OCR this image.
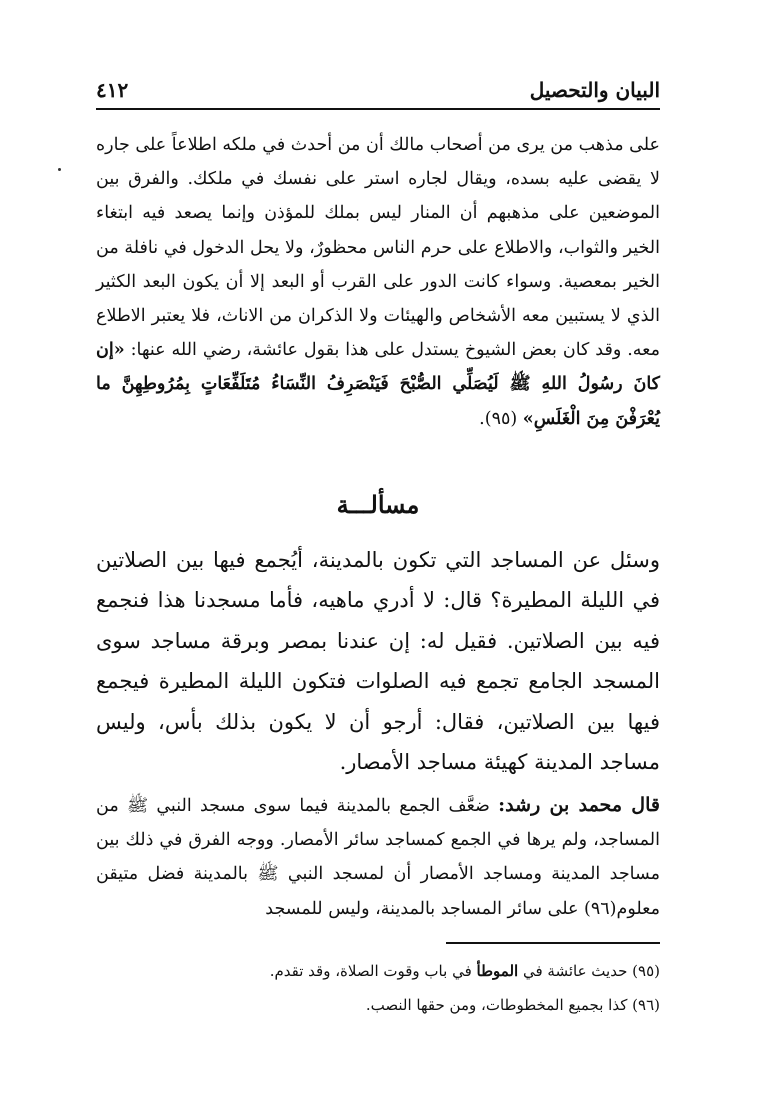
البيان والتحصيل
٤١٢

على مذهب من يرى من أصحاب مالك أن من أحدث في ملكه اطلاعاً على جاره لا يقضى عليه بسده، ويقال لجاره استر على نفسك في ملكك. والفرق بين الموضعين على مذهبهم أن المنار ليس بملك للمؤذن وإنما يصعد فيه ابتغاء الخير والثواب، والاطلاع على حرم الناس محظورٌ، ولا يحل الدخول في نافلة من الخير بمعصية. وسواء كانت الدور على القرب أو البعد إلا أن يكون البعد الكثير الذي لا يستبين معه الأشخاص والهيئات ولا الذكران من الاناث، فلا يعتبر الاطلاع معه. وقد كان بعض الشيوخ يستدل على هذا بقول عائشة، رضي الله عنها: «إن كانَ رسُولُ اللهِ ﷺ لَيُصَلِّي الصُّبْحَ فَيَنْصَرِفُ النِّسَاءُ مُتَلَفِّعَاتٍ بِمُرُوطِهِنَّ ما يُعْرَفْنَ مِنَ الْغَلَسِ» (٩٥).

مسألـــة

وسئل عن المساجد التي تكون بالمدينة، أيُجمع فيها بين الصلاتين في الليلة المطيرة؟ قال: لا أدري ماهيه، فأما مسجدنا هذا فنجمع فيه بين الصلاتين. فقيل له: إن عندنا بمصر وبرقة مساجد سوى المسجد الجامع تجمع فيه الصلوات فتكون الليلة المطيرة فيجمع فيها بين الصلاتين، فقال: أرجو أن لا يكون بذلك بأس، وليس مساجد المدينة كهيئة مساجد الأمصار.

قال محمد بن رشد: ضعَّف الجمع بالمدينة فيما سوى مسجد النبي ﷺ من المساجد، ولم يرها في الجمع كمساجد سائر الأمصار. ووجه الفرق في ذلك بين مساجد المدينة ومساجد الأمصار أن لمسجد النبي ﷺ بالمدينة فضل متيقن معلوم(٩٦) على سائر المساجد بالمدينة، وليس للمسجد

(٩٥) حديث عائشة في الموطأ في باب وقوت الصلاة، وقد تقدم.
(٩٦) كذا بجميع المخطوطات، ومن حقها النصب.
